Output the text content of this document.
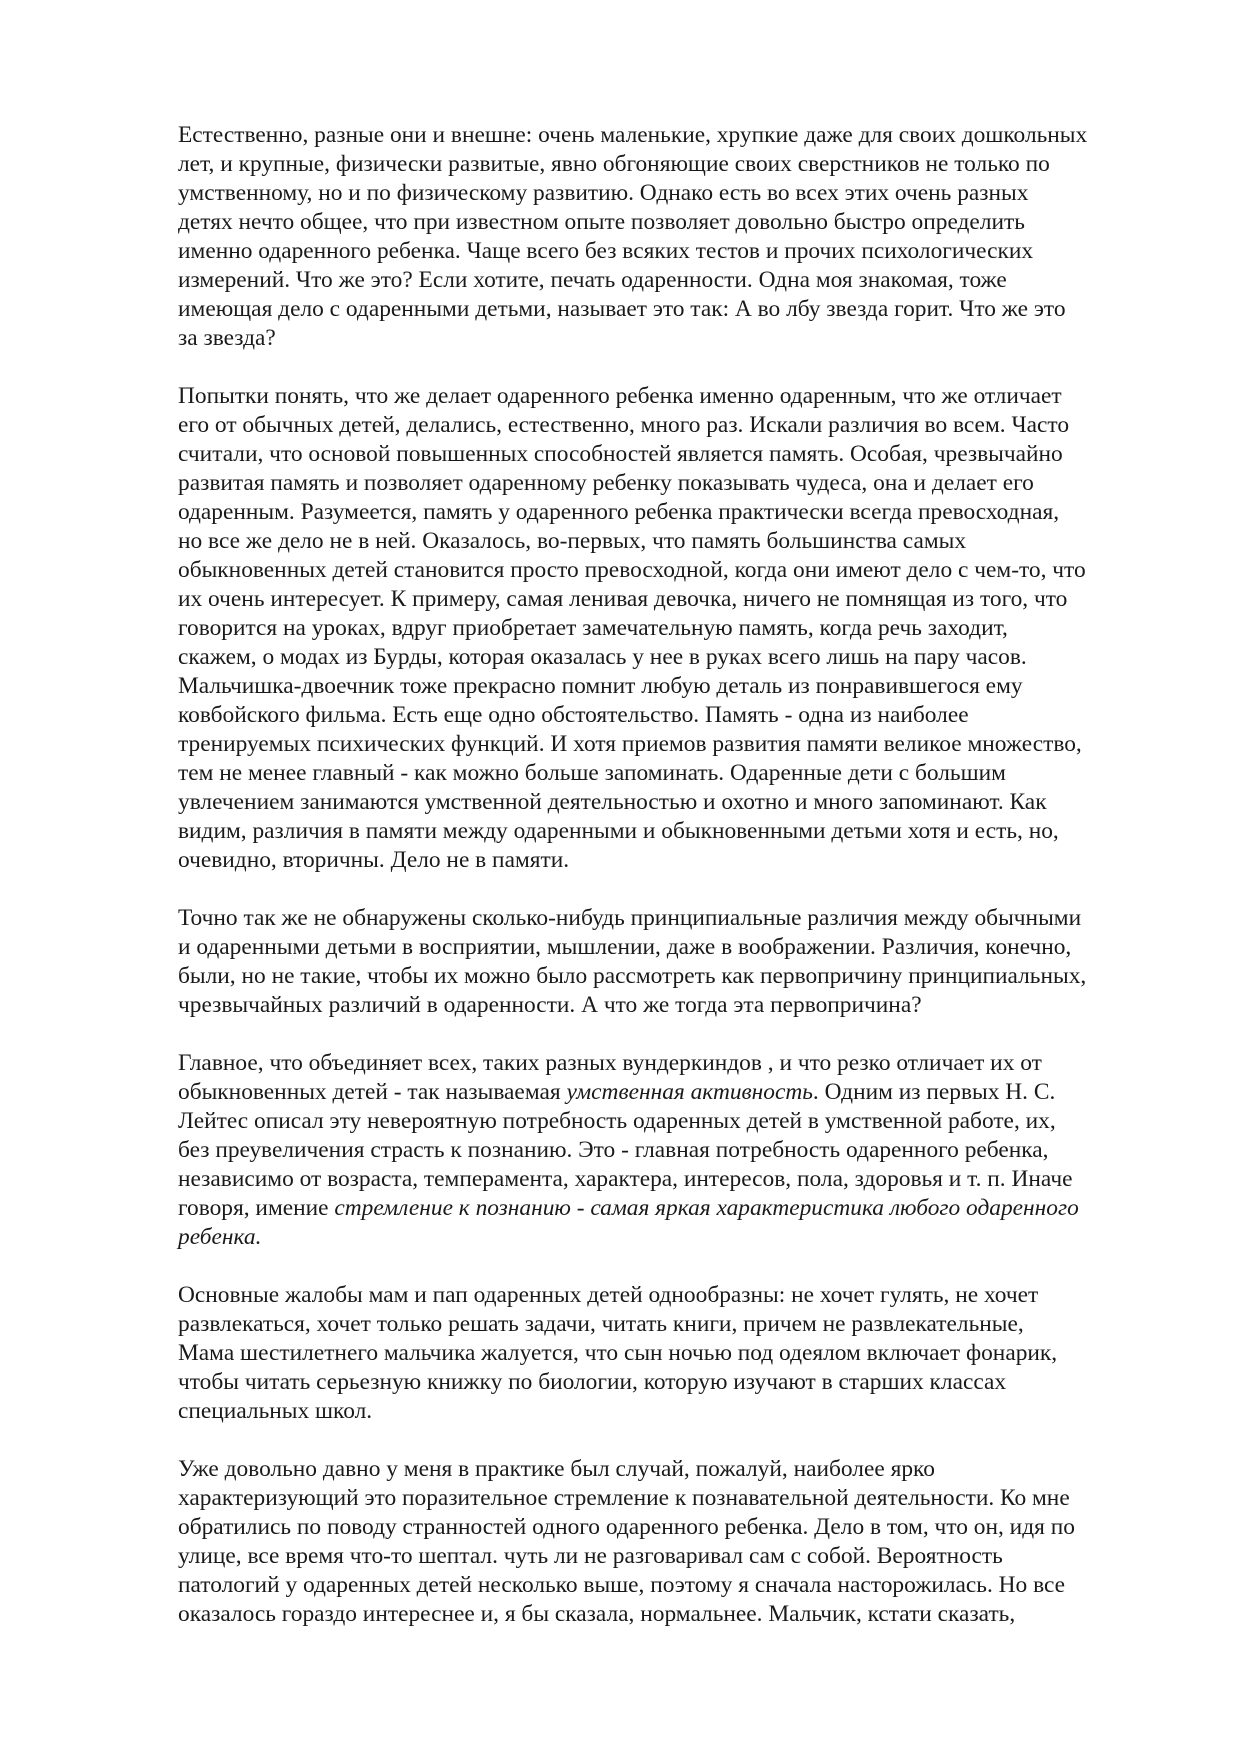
Естественно, разные они и внешне: очень маленькие, хрупкие даже для своих дошкольных
лет, и крупные, физически развитые, явно обгоняющие своих сверстников не только по
умственному, но и по физическому развитию. Однако есть во всех этих очень разных
детях нечто общее, что при известном опыте позволяет довольно быстро определить
именно одаренного ребенка. Чаще всего без всяких тестов и прочих психологических
измерений. Что же это? Если хотите, печать одаренности. Одна моя знакомая, тоже
имеющая дело с одаренными детьми, называет это так: А во лбу звезда горит. Что же это
за звезда?

Попытки понять, что же делает одаренного ребенка именно одаренным, что же отличает
его от обычных детей, делались, естественно, много раз. Искали различия во всем. Часто
считали, что основой повышенных способностей является память. Особая, чрезвычайно
развитая память и позволяет одаренному ребенку показывать чудеса, она и делает его
одаренным. Разумеется, память у одаренного ребенка практически всегда превосходная,
но все же дело не в ней. Оказалось, во-первых, что память большинства самых
обыкновенных детей становится просто превосходной, когда они имеют дело с чем-то, что
их очень интересует. К примеру, самая ленивая девочка, ничего не помнящая из того, что
говорится на уроках, вдруг приобретает замечательную память, когда речь заходит,
скажем, о модах из Бурды, которая оказалась у нее в руках всего лишь на пару часов.
Мальчишка-двоечник тоже прекрасно помнит любую деталь из понравившегося ему
ковбойского фильма. Есть еще одно обстоятельство. Память - одна из наиболее
тренируемых психических функций. И хотя приемов развития памяти великое множество,
тем не менее главный - как можно больше запоминать. Одаренные дети с большим
увлечением занимаются умственной деятельностью и охотно и много запоминают. Как
видим, различия в памяти между одаренными и обыкновенными детьми хотя и есть, но,
очевидно, вторичны. Дело не в памяти.

Точно так же не обнаружены сколько-нибудь принципиальные различия между обычными
и одаренными детьми в восприятии, мышлении, даже в воображении. Различия, конечно,
были, но не такие, чтобы их можно было рассмотреть как первопричину принципиальных,
чрезвычайных различий в одаренности. А что же тогда эта первопричина?

Главное, что объединяет всех, таких разных вундеркиндов , и что резко отличает их от
обыкновенных детей - так называемая умственная активность. Одним из первых Н. С.
Лейтес описал эту невероятную потребность одаренных детей в умственной работе, их,
без преувеличения страсть к познанию. Это - главная потребность одаренного ребенка,
независимо от возраста, темперамента, характера, интересов, пола, здоровья и т. п. Иначе
говоря, имение стремление к познанию - самая яркая характеристика любого одаренного
ребенка.

Основные жалобы мам и пап одаренных детей однообразны: не хочет гулять, не хочет
развлекаться, хочет только решать задачи, читать книги, причем не развлекательные,
Мама шестилетнего мальчика жалуется, что сын ночью под одеялом включает фонарик,
чтобы читать серьезную книжку по биологии, которую изучают в старших классах
специальных школ.

Уже довольно давно у меня в практике был случай, пожалуй, наиболее ярко
характеризующий это поразительное стремление к познавательной деятельности. Ко мне
обратились по поводу странностей одного одаренного ребенка. Дело в том, что он, идя по
улице, все время что-то шептал. чуть ли не разговаривал сам с собой. Вероятность
патологий у одаренных детей несколько выше, поэтому я сначала насторожилась. Но все
оказалось гораздо интереснее и, я бы сказала, нормальнее. Мальчик, кстати сказать,
